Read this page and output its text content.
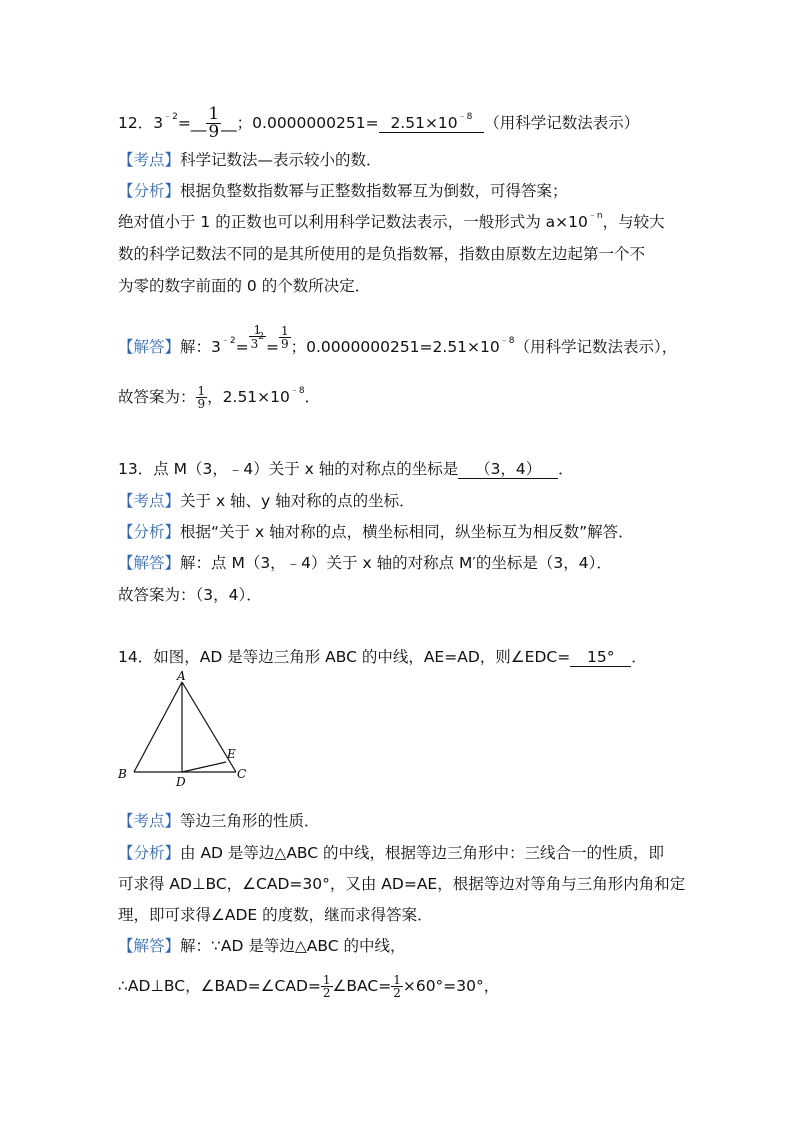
12．$3^{﹣2}=\_\_ \frac{1}{9}$ __；$0.0000000251= 2.51\times 10^{﹣8}$ （用科学记数法表示）
【考点】科学记数法—表示较小的数．
【分析】根据负整数指数幂与正整数指数幂互为倒数，可得答案；
绝对值小于 1 的正数也可以利用科学记数法表示，一般形式为 $a\times 10^{﹣n}$，与较大
数的科学记数法不同的是其所使用的是负指数幂，指数由原数左边起第一个不
为零的数字前面的 0 的个数所决定．
【解答】解：$3^{﹣2}= \frac{1}{3^2} = \frac{1}{9}$ ；$0.0000000251=2.51\times 10^{﹣8}$（用科学记数法表示），
故答案为： $\frac{1}{9}$ ，$2.51\times 10^{﹣8}$．
13．点 M（3，﹣4）关于 x 轴的对称点的坐标是 （3，4） ．
【考点】关于 x 轴、y 轴对称的点的坐标．
【分析】根据“关于 x 轴对称的点，横坐标相同，纵坐标互为相反数”解答．
【解答】解：点 M（3，﹣4）关于 x 轴的对称点 M′的坐标是（3，4）．
故答案为：（3，4）．
14．如图，AD 是等边三角形 ABC 的中线，AE=AD，则∠EDC= 15° ．
A
B	C
D
E
【考点】等边三角形的性质．
【分析】由 AD 是等边△ABC 的中线，根据等边三角形中：三线合一的性质，即
可求得 AD⊥BC，∠CAD=30°，又由 AD=AE，根据等边对等角与三角形内角和定
理，即可求得∠ADE 的度数，继而求得答案．
【解答】解：∵AD 是等边△ABC 的中线，
∴AD⊥BC，∠BAD=∠CAD= $\frac{1}{2}$ ∠BAC= $\frac{1}{2} \times 60^\circ=30^\circ$，
